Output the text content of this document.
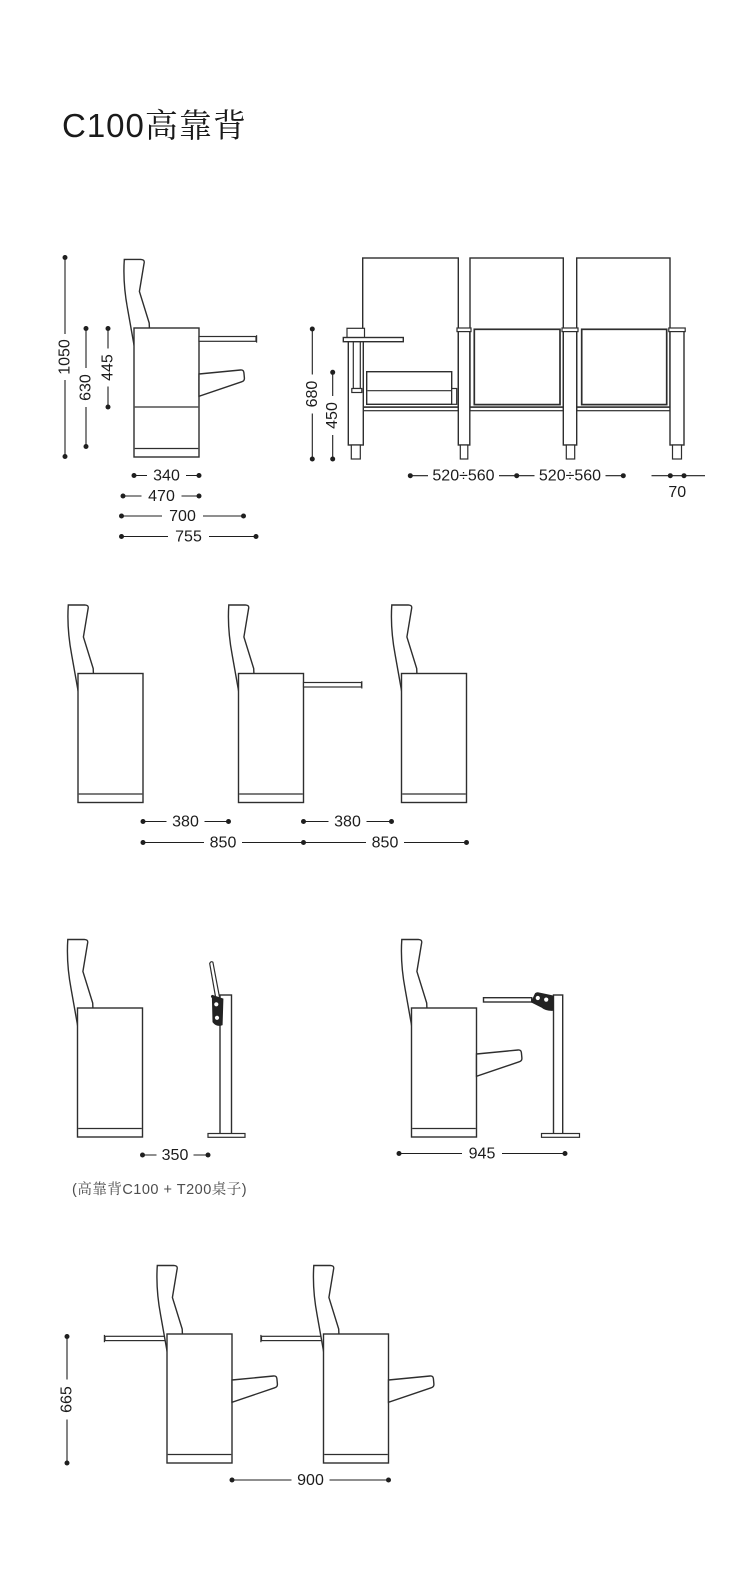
C100高靠背
(高靠背C100 + T200桌子)
1050
630
445
340
470
700
755
680
450
520÷560	520÷560
70
380	380
850	850
350	945
665
900
